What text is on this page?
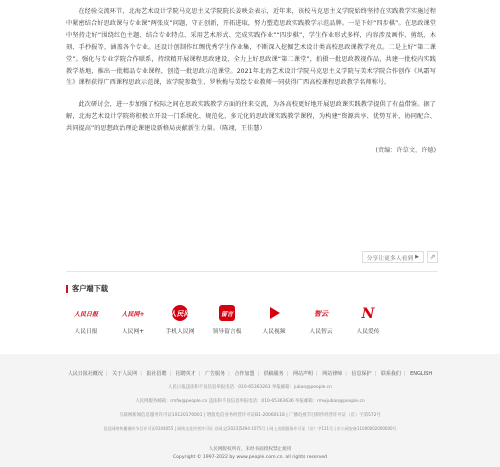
在经验交流环节，北海艺术设计学院马克思主义学院院长姜映金表示，近年来，该校马克思主义学院始终坚持在实践教学实施过程中紧密结合好思政课与专业课“两张皮”问题，守正创新，开拓进取，努力塑造思政实践教学示范品牌。一是下好“四步棋”。在思政课堂中坚持走好“围绕红色主题、结合专业特点、采用艺术形式、完成实践作业”“四步棋”，学生作业形式多样，内容涉及画作、剪纸、木刻、手抄报等，涵盖各个专业。还设计创制作红绸优秀学生作业集，不断深入挖掘艺术设计类高校思政课教学亮点。二是上好“第二课堂”。强化与专业学院合作联系，持续精开展课程思政建设，全力上好思政课“第二课堂”，拍摄一批思政教视作品，共建一批校内实践教学基地，推出一批精品专业课程，创造一批思政示范课堂。2021年北海艺术设计学院马克思主义学院与美术学院合作创作《风霜写生》课程获得广西课程思政示范课，该学院参数生、罗秋梅与美绘专业教师一同获得广西高校课程思政教学名师称号。

此次研讨会，进一步加强了校际之间在思政实践教学方面的往来交流，为各高校更好地开展思政课实践教学提供了有益借鉴。据了解，北海艺术设计学院将积极立开设一门系统化、规范化、多元化的思政课实践教学课程，为构建“资源共享、优势互补、协同配合、共同提高”的思想政治理论课建设新格局贡献新生力量。（陈翊，王佳慧）

(责编：许草文、许德)
分享让更多人看到 ▶	⇗
客户端下载
人民日报
人民日报
人民网+
人民网+
人民网
手机人民网
留言
领导留言板	人民视频
智云
人民智云
N
人民爱传
人民日报社概况 | 关于人民网 | 报社招聘 | 招聘英才 | 广告服务 | 合作加盟 | 供稿服务 | 网站声明 | 网站律师 | 信息保护 | 联系我们 | ENGLISH
人民日报违法和不良信息举报电话：010-65363263 举报邮箱：jubao@people.cn
人民网服务邮箱：rmfw@people.cn 违法和不良信息举报电话：010-65363636 举报邮箱：rmwjubao@people.cn
互联网新闻信息服务许可证10120170001 | 增值电信业务经营许可证B1-20060118 | 广播电视节目制作经营许可证（京）字第572号
信息网络传播视听节目许可证0104055 | 网络文化经营许可证 京网文[2023]5494-1075号 | 网上出版服务许可证（京）字121号 | 京公网安备11000002000000号
人民网版权所有，未经书面授权禁止使用
Copyright © 1997-2022 by www.people.com.cn. all rights reserved
